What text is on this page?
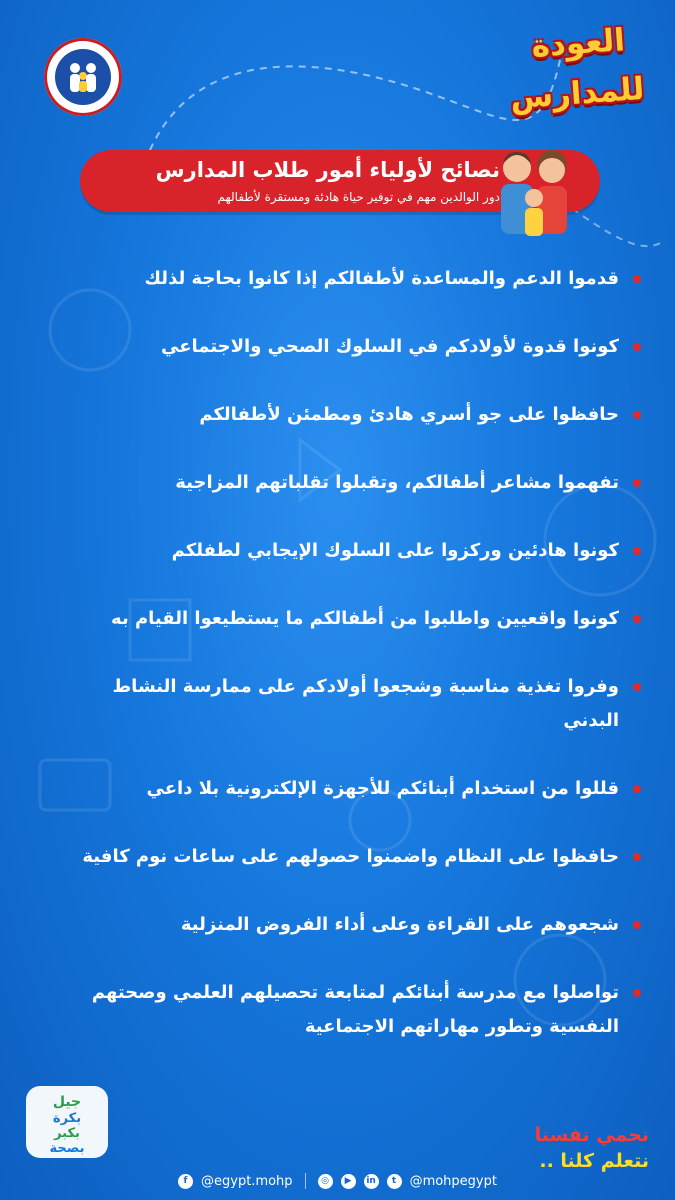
العودة
للمدارس
نصائح لأولياء أمور طلاب المدارس
دور الوالدين مهم في توفير حياة هادئة ومستقرة لأطفالهم
قدموا الدعم والمساعدة لأطفالكم إذا كانوا بحاجة لذلك
كونوا قدوة لأولادكم في السلوك الصحي والاجتماعي
حافظوا على جو أسري هادئ ومطمئن لأطفالكم
تفهموا مشاعر أطفالكم، وتقبلوا تقلباتهم المزاجية
كونوا هادئين وركزوا على السلوك الإيجابي لطفلكم
كونوا واقعيين واطلبوا من أطفالكم ما يستطيعوا القيام به
وفروا تغذية مناسبة وشجعوا أولادكم على ممارسة النشاط البدني
قللوا من استخدام أبنائكم للأجهزة الإلكترونية بلا داعي
حافظوا على النظام واضمنوا حصولهم على ساعات نوم كافية
شجعوهم على القراءة وعلى أداء الفروض المنزلية
تواصلوا مع مدرسة أبنائكم لمتابعة تحصيلهم العلمي وصحتهم النفسية وتطور مهاراتهم الاجتماعية
جيل
بكرة
بكبر
بصحة
نحمي نفسنا
نتعلم كلنا ..
f	@egypt.mohp	◎	▶	in	t	@mohpegypt
